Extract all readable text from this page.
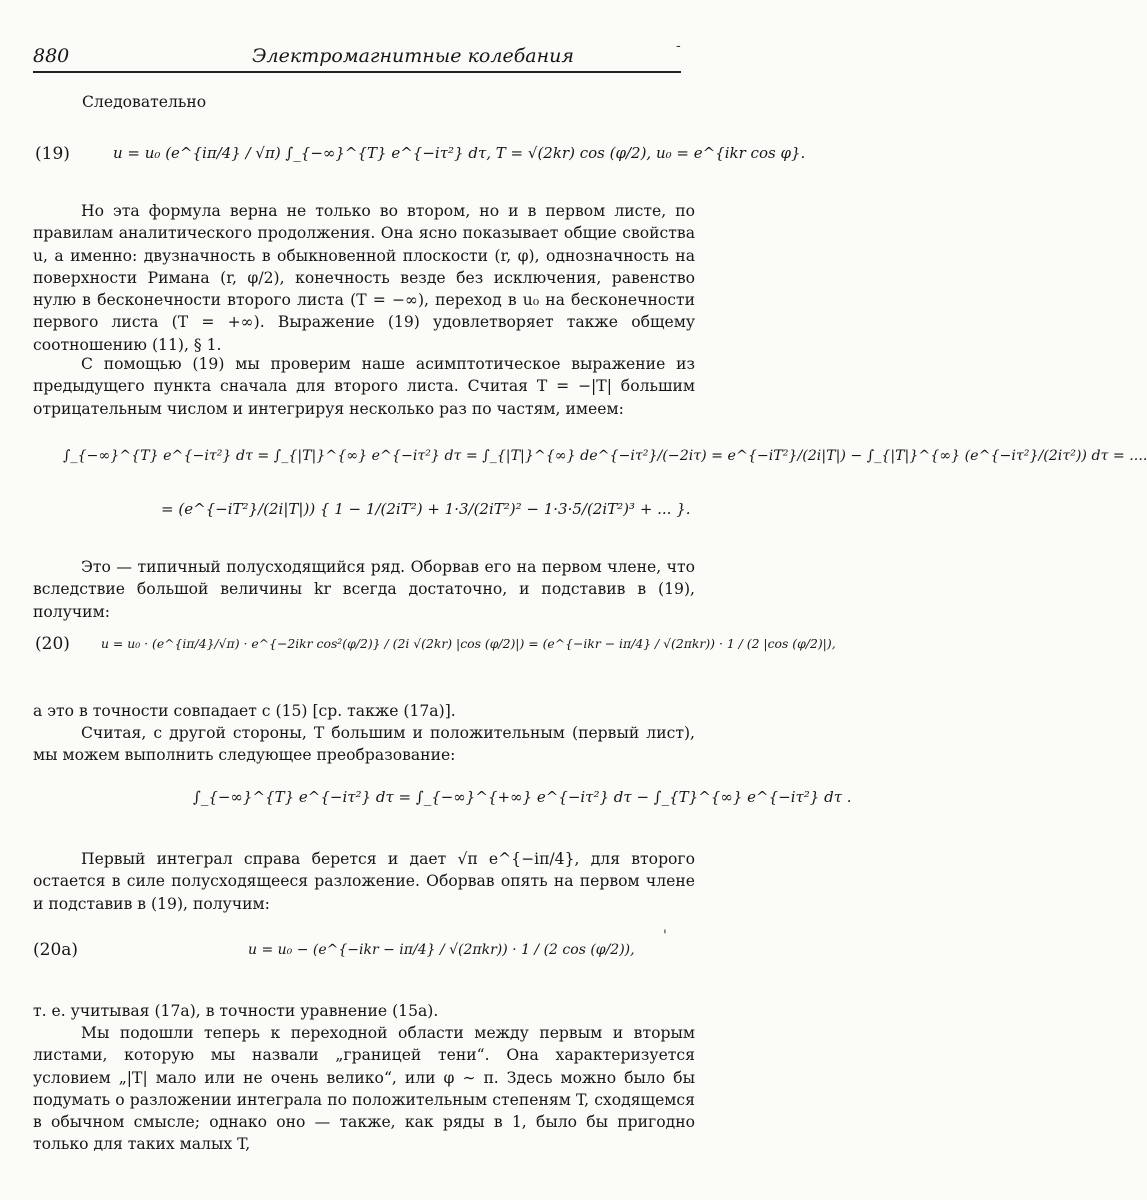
880	Электромагнитные колебания	-
Следовательно
(19)	u = u₀ (e^{iπ/4} / √π) ∫_{−∞}^{T} e^{−iτ²} dτ, T = √(2kr) cos (φ/2), u₀ = e^{ikr cos φ}.

Но эта формула верна не только во втором, но и в первом листе, по правилам аналитического продолжения. Она ясно показывает общие свойства u, а именно: двузначность в обыкновенной плоскости (r, φ), однозначность на поверхности Римана (r, φ/2), конечность везде без исключения, равенство нулю в бесконечности второго листа (T = −∞), переход в u₀ на бесконечности первого листа (T = +∞). Выражение (19) удовлетворяет также общему соотношению (11), § 1.

С помощью (19) мы проверим наше асимптотическое выражение из предыдущего пункта сначала для второго листа. Считая T = −|T| большим отрицательным числом и интегрируя несколько раз по частям, имеем:

∫_{−∞}^{T} e^{−iτ²} dτ = ∫_{|T|}^{∞} e^{−iτ²} dτ = ∫_{|T|}^{∞} de^{−iτ²}/(−2iτ) = e^{−iT²}/(2i|T|) − ∫_{|T|}^{∞} (e^{−iτ²}/(2iτ²)) dτ = ....
= (e^{−iT²}/(2i|T|)) { 1 − 1/(2iT²) + 1·3/(2iT²)² − 1·3·5/(2iT²)³ + ... }.

Это — типичный полусходящийся ряд. Оборвав его на первом члене, что вследствие большой величины kr всегда достаточно, и подставив в (19), получим:

(20)	u = u₀ · (e^{iπ/4}/√π) · e^{−2ikr cos²(φ/2)} / (2i √(2kr) |cos (φ/2)|) = (e^{−ikr − iπ/4} / √(2πkr)) · 1 / (2 |cos (φ/2)|),

а это в точности совпадает с (15) [ср. также (17а)].

Считая, с другой стороны, T большим и положительным (первый лист), мы можем выполнить следующее преобразование:

∫_{−∞}^{T} e^{−iτ²} dτ = ∫_{−∞}^{+∞} e^{−iτ²} dτ − ∫_{T}^{∞} e^{−iτ²} dτ .

Первый интеграл справа берется и дает √π e^{−iπ/4}, для второго остается в силе полусходящееся разложение. Оборвав опять на первом члене и подставив в (19), получим:

(20a)	u = u₀ − (e^{−ikr − iπ/4} / √(2πkr)) · 1 / (2 cos (φ/2)),
'

т. е. учитывая (17а), в точности уравнение (15а).

Мы подошли теперь к переходной области между первым и вторым листами, которую мы назвали „границей тени“. Она характеризуется условием „|T| мало или не очень велико“, или φ ∼ π. Здесь можно было бы подумать о разложении интеграла по положительным степеням T, сходящемся в обычном смысле; однако оно — также, как ряды в 1, было бы пригодно только для таких малых T,
